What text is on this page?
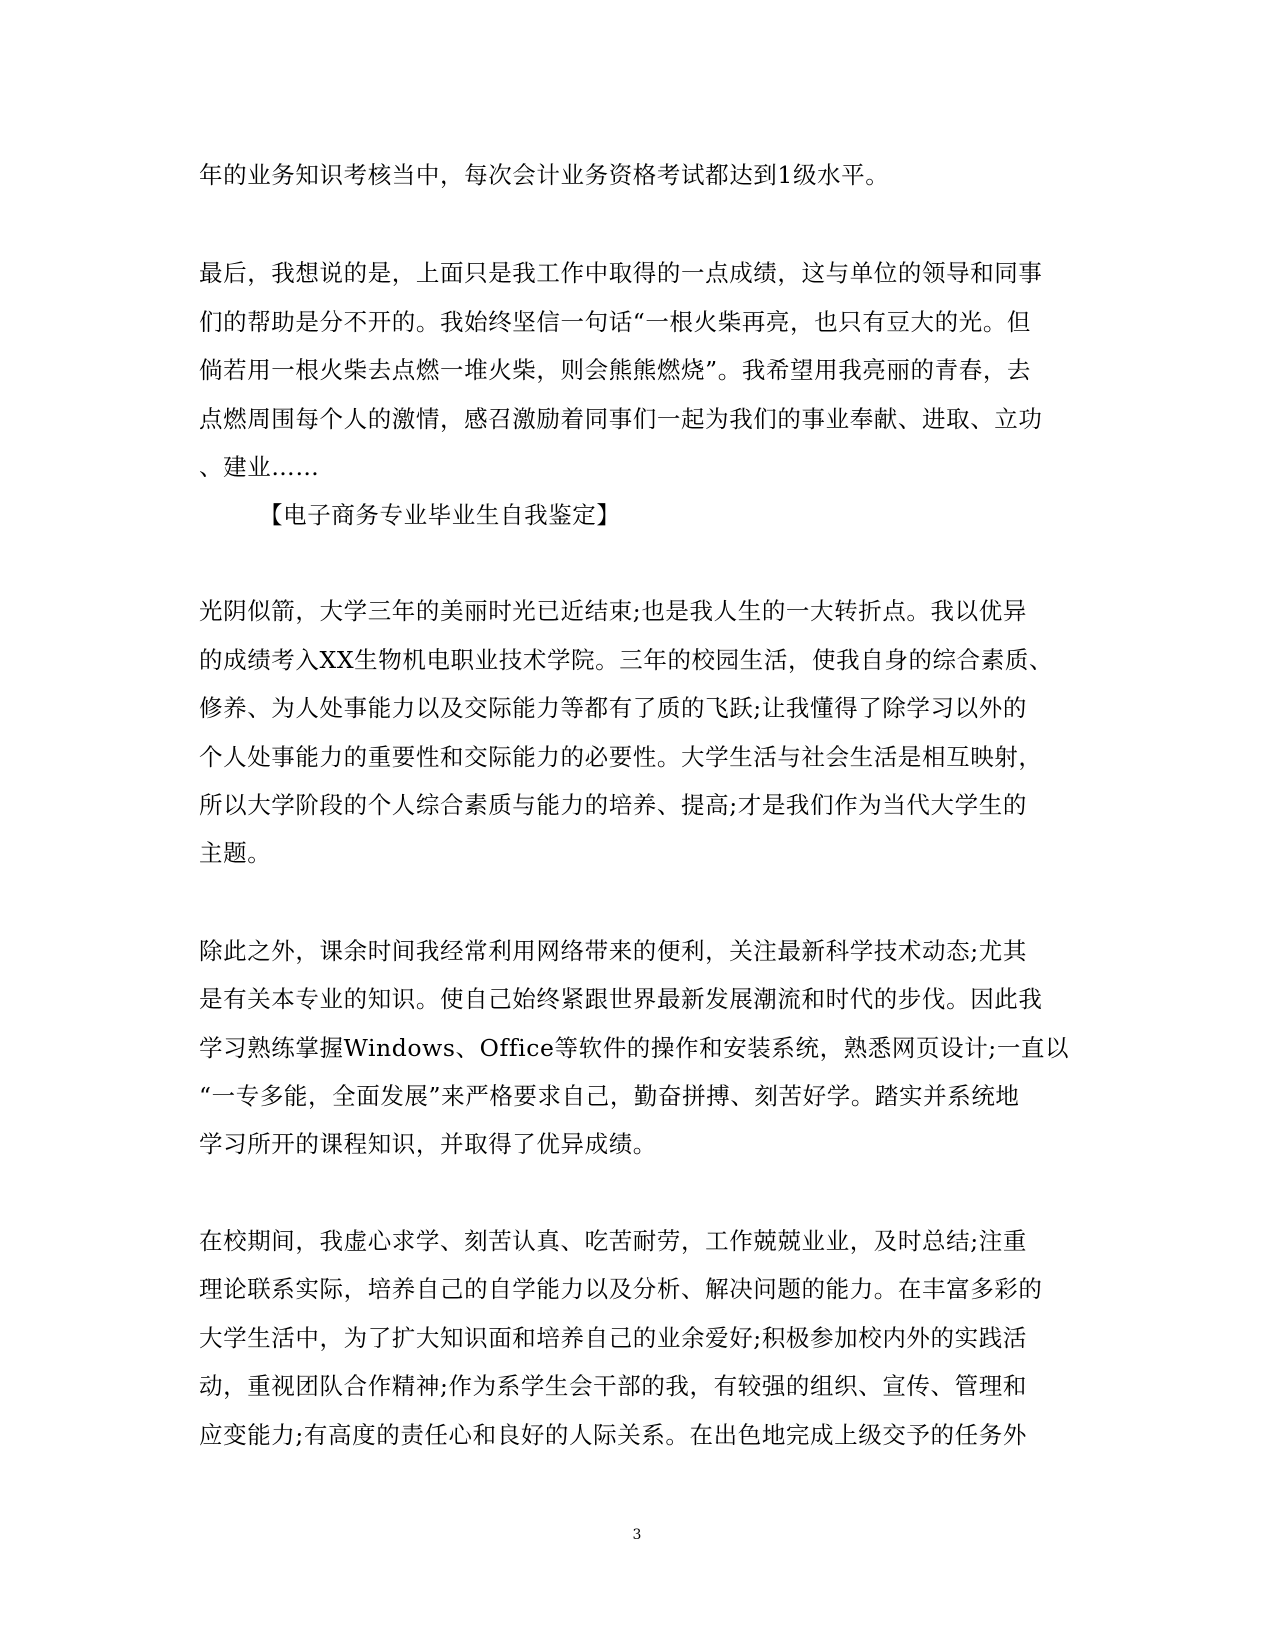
年的业务知识考核当中，每次会计业务资格考试都达到1级水平。
最后，我想说的是，上面只是我工作中取得的一点成绩，这与单位的领导和同事
们的帮助是分不开的。我始终坚信一句话“一根火柴再亮，也只有豆大的光。但
倘若用一根火柴去点燃一堆火柴，则会熊熊燃烧”。我希望用我亮丽的青春，去
点燃周围每个人的激情，感召激励着同事们一起为我们的事业奉献、进取、立功
、建业……
【电子商务专业毕业生自我鉴定】
光阴似箭，大学三年的美丽时光已近结束;也是我人生的一大转折点。我以优异
的成绩考入XX生物机电职业技术学院。三年的校园生活，使我自身的综合素质、
修养、为人处事能力以及交际能力等都有了质的飞跃;让我懂得了除学习以外的
个人处事能力的重要性和交际能力的必要性。大学生活与社会生活是相互映射，
所以大学阶段的个人综合素质与能力的培养、提高;才是我们作为当代大学生的
主题。
除此之外，课余时间我经常利用网络带来的便利，关注最新科学技术动态;尤其
是有关本专业的知识。使自己始终紧跟世界最新发展潮流和时代的步伐。因此我
学习熟练掌握Windows、Office等软件的操作和安装系统，熟悉网页设计;一直以
“一专多能，全面发展”来严格要求自己，勤奋拼搏、刻苦好学。踏实并系统地
学习所开的课程知识，并取得了优异成绩。
在校期间，我虚心求学、刻苦认真、吃苦耐劳，工作兢兢业业，及时总结;注重
理论联系实际，培养自己的自学能力以及分析、解决问题的能力。在丰富多彩的
大学生活中，为了扩大知识面和培养自己的业余爱好;积极参加校内外的实践活
动，重视团队合作精神;作为系学生会干部的我，有较强的组织、宣传、管理和
应变能力;有高度的责任心和良好的人际关系。在出色地完成上级交予的任务外
3
